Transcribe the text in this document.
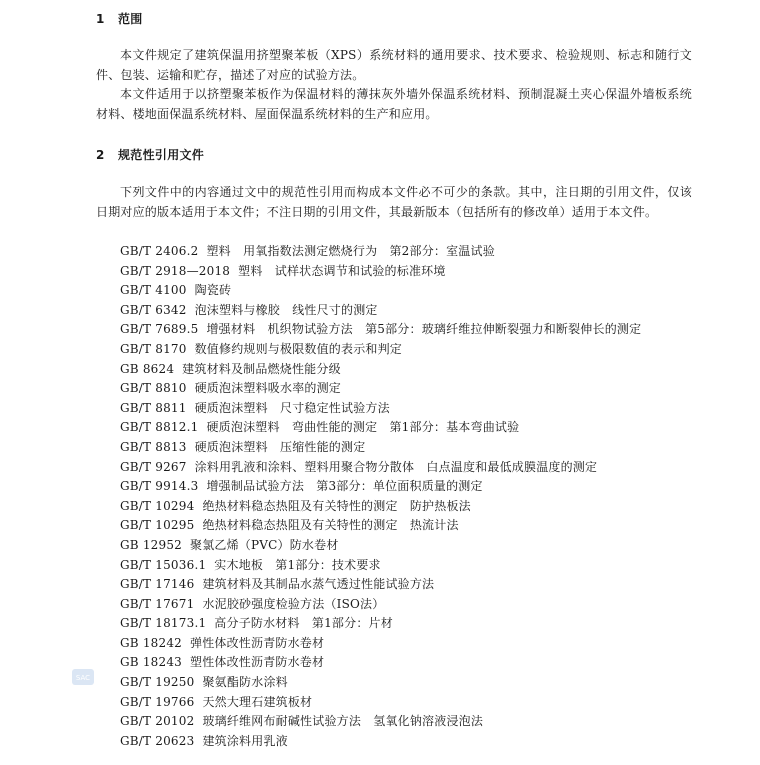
1 范围
本文件规定了建筑保温用挤塑聚苯板（XPS）系统材料的通用要求、技术要求、检验规则、标志和随行文件、包装、运输和贮存，描述了对应的试验方法。
本文件适用于以挤塑聚苯板作为保温材料的薄抹灰外墙外保温系统材料、预制混凝土夹心保温外墙板系统材料、楼地面保温系统材料、屋面保温系统材料的生产和应用。
2 规范性引用文件
下列文件中的内容通过文中的规范性引用而构成本文件必不可少的条款。其中，注日期的引用文件，仅该日期对应的版本适用于本文件；不注日期的引用文件，其最新版本（包括所有的修改单）适用于本文件。
GB/T 2406.2 塑料　用氧指数法测定燃烧行为　第2部分：室温试验
GB/T 2918—2018 塑料　试样状态调节和试验的标准环境
GB/T 4100 陶瓷砖
GB/T 6342 泡沫塑料与橡胶　线性尺寸的测定
GB/T 7689.5 增强材料　机织物试验方法　第5部分：玻璃纤维拉伸断裂强力和断裂伸长的测定
GB/T 8170 数值修约规则与极限数值的表示和判定
GB 8624 建筑材料及制品燃烧性能分级
GB/T 8810 硬质泡沫塑料吸水率的测定
GB/T 8811 硬质泡沫塑料　尺寸稳定性试验方法
GB/T 8812.1 硬质泡沫塑料　弯曲性能的测定　第1部分：基本弯曲试验
GB/T 8813 硬质泡沫塑料　压缩性能的测定
GB/T 9267 涂料用乳液和涂料、塑料用聚合物分散体　白点温度和最低成膜温度的测定
GB/T 9914.3 增强制品试验方法　第3部分：单位面积质量的测定
GB/T 10294 绝热材料稳态热阻及有关特性的测定　防护热板法
GB/T 10295 绝热材料稳态热阻及有关特性的测定　热流计法
GB 12952 聚氯乙烯（PVC）防水卷材
GB/T 15036.1 实木地板　第1部分：技术要求
GB/T 17146 建筑材料及其制品水蒸气透过性能试验方法
GB/T 17671 水泥胶砂强度检验方法（ISO法）
GB/T 18173.1 高分子防水材料　第1部分：片材
GB 18242 弹性体改性沥青防水卷材
GB 18243 塑性体改性沥青防水卷材
GB/T 19250 聚氨酯防水涂料
GB/T 19766 天然大理石建筑板材
GB/T 20102 玻璃纤维网布耐碱性试验方法　氢氧化钠溶液浸泡法
GB/T 20623 建筑涂料用乳液
SAC
